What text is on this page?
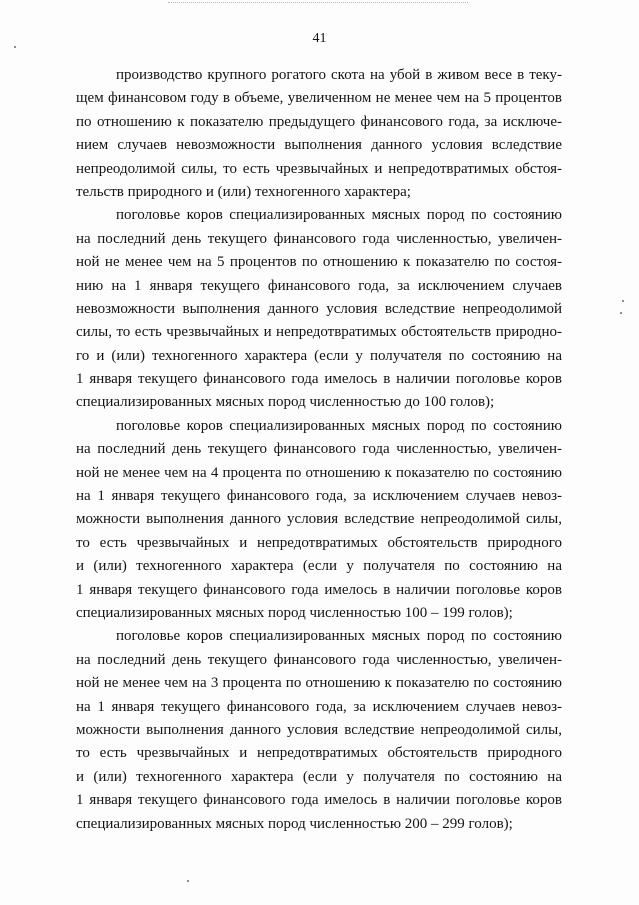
41
производство крупного рогатого скота на убой в живом весе в теку-
щем финансовом году в объеме, увеличенном не менее чем на 5 процентов
по отношению к показателю предыдущего финансового года, за исключе-
нием случаев невозможности выполнения данного условия вследствие
непреодолимой силы, то есть чрезвычайных и непредотвратимых обстоя-
тельств природного и (или) техногенного характера;
поголовье коров специализированных мясных пород по состоянию
на последний день текущего финансового года численностью, увеличен-
ной не менее чем на 5 процентов по отношению к показателю по состоя-
нию на 1 января текущего финансового года, за исключением случаев
невозможности выполнения данного условия вследствие непреодолимой
силы, то есть чрезвычайных и непредотвратимых обстоятельств природно-
го и (или) техногенного характера (если у получателя по состоянию на
1 января текущего финансового года имелось в наличии поголовье коров
специализированных мясных пород численностью до 100 голов);
поголовье коров специализированных мясных пород по состоянию
на последний день текущего финансового года численностью, увеличен-
ной не менее чем на 4 процента по отношению к показателю по состоянию
на 1 января текущего финансового года, за исключением случаев невоз-
можности выполнения данного условия вследствие непреодолимой силы,
то есть чрезвычайных и непредотвратимых обстоятельств природного
и (или) техногенного характера (если у получателя по состоянию на
1 января текущего финансового года имелось в наличии поголовье коров
специализированных мясных пород численностью 100 – 199 голов);
поголовье коров специализированных мясных пород по состоянию
на последний день текущего финансового года численностью, увеличен-
ной не менее чем на 3 процента по отношению к показателю по состоянию
на 1 января текущего финансового года, за исключением случаев невоз-
можности выполнения данного условия вследствие непреодолимой силы,
то есть чрезвычайных и непредотвратимых обстоятельств природного
и (или) техногенного характера (если у получателя по состоянию на
1 января текущего финансового года имелось в наличии поголовье коров
специализированных мясных пород численностью 200 – 299 голов);
